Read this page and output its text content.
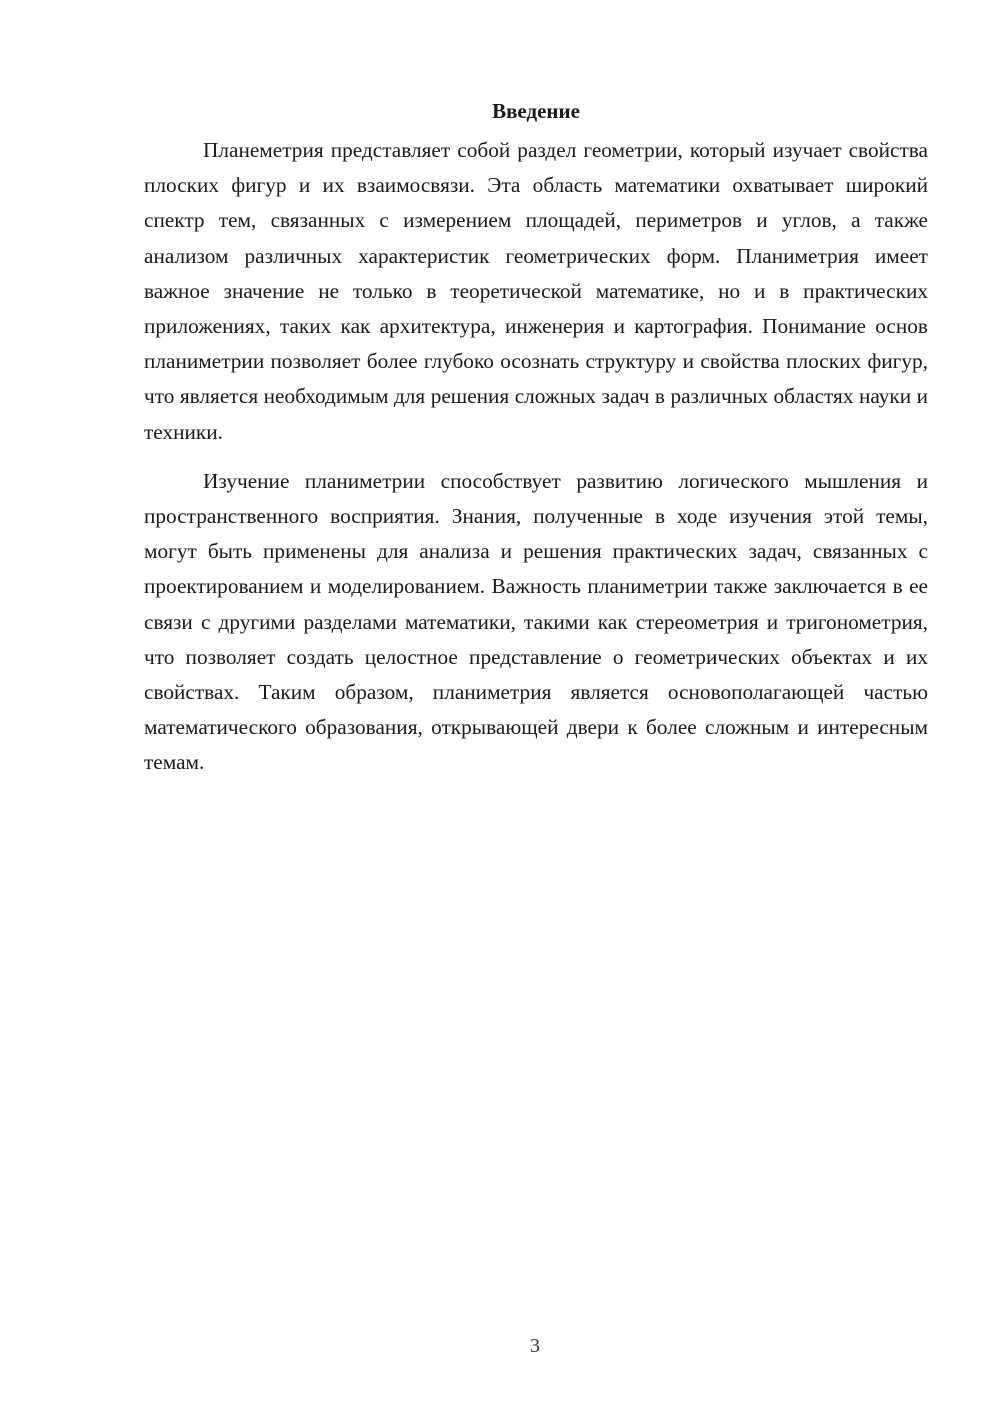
Введение

Планеметрия представляет собой раздел геометрии, который изучает свойства плоских фигур и их взаимосвязи. Эта область математики охватывает широкий спектр тем, связанных с измерением площадей, периметров и углов, а также анализом различных характеристик геометрических форм. Планиметрия имеет важное значение не только в теоретической математике, но и в практических приложениях, таких как архитектура, инженерия и картография. Понимание основ планиметрии позволяет более глубоко осознать структуру и свойства плоских фигур, что является необходимым для решения сложных задач в различных областях науки и техники.

Изучение планиметрии способствует развитию логического мышления и пространственного восприятия. Знания, полученные в ходе изучения этой темы, могут быть применены для анализа и решения практических задач, связанных с проектированием и моделированием. Важность планиметрии также заключается в ее связи с другими разделами математики, такими как стереометрия и тригонометрия, что позволяет создать целостное представление о геометрических объектах и их свойствах. Таким образом, планиметрия является основополагающей частью математического образования, открывающей двери к более сложным и интересным темам.

3
